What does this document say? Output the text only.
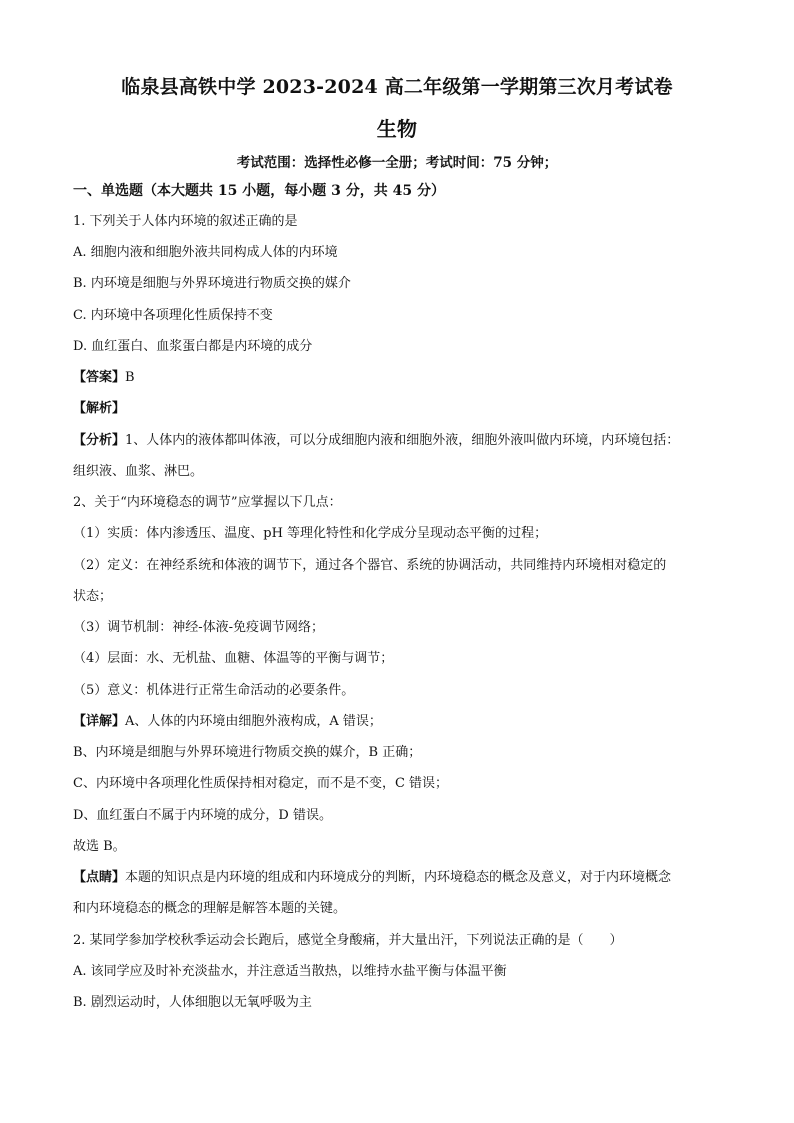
临泉县高铁中学 2023-2024 高二年级第一学期第三次月考试卷
生物
考试范围：选择性必修一全册；考试时间：75 分钟；
一、单选题（本大题共 15 小题，每小题 3 分，共 45 分）
1. 下列关于人体内环境的叙述正确的是
A. 细胞内液和细胞外液共同构成人体的内环境
B. 内环境是细胞与外界环境进行物质交换的媒介
C. 内环境中各项理化性质保持不变
D. 血红蛋白、血浆蛋白都是内环境的成分
【答案】B
【解析】
【分析】1、人体内的液体都叫体液，可以分成细胞内液和细胞外液，细胞外液叫做内环境，内环境包括：
组织液、血浆、淋巴。
2、关于“内环境稳态的调节”应掌握以下几点：
（1）实质：体内渗透压、温度、pH 等理化特性和化学成分呈现动态平衡的过程；
（2）定义：在神经系统和体液的调节下，通过各个器官、系统的协调活动，共同维持内环境相对稳定的
状态；
（3）调节机制：神经-体液-免疫调节网络；
（4）层面：水、无机盐、血糖、体温等的平衡与调节；
（5）意义：机体进行正常生命活动的必要条件。
【详解】A、人体的内环境由细胞外液构成，A 错误；
B、内环境是细胞与外界环境进行物质交换的媒介，B 正确；
C、内环境中各项理化性质保持相对稳定，而不是不变，C 错误；
D、血红蛋白不属于内环境的成分，D 错误。
故选 B。
【点睛】本题的知识点是内环境的组成和内环境成分的判断，内环境稳态的概念及意义，对于内环境概念
和内环境稳态的概念的理解是解答本题的关键。
2. 某同学参加学校秋季运动会长跑后，感觉全身酸痛，并大量出汗，下列说法正确的是（　　）
A. 该同学应及时补充淡盐水，并注意适当散热，以维持水盐平衡与体温平衡
B. 剧烈运动时，人体细胞以无氧呼吸为主
